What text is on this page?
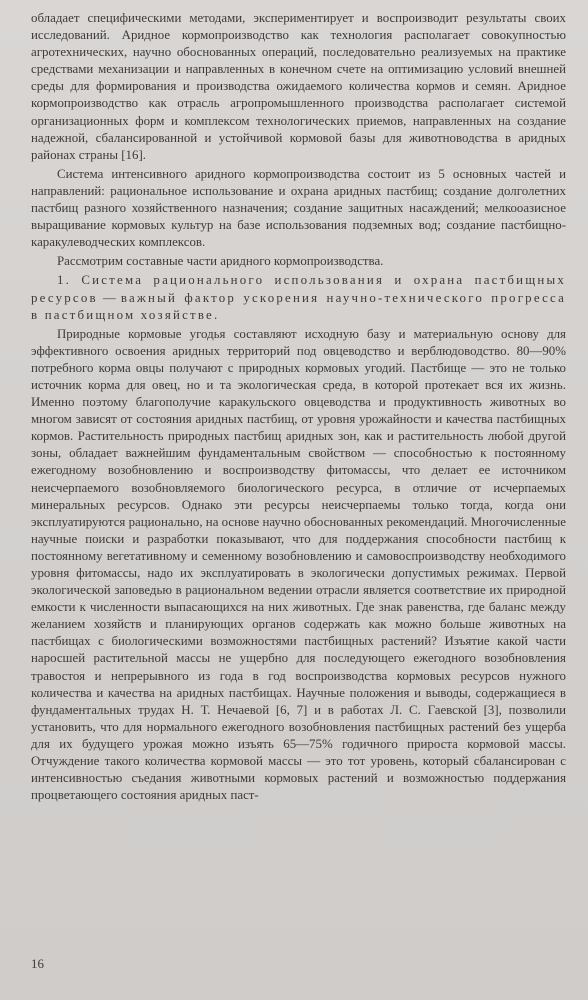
обладает специфическими методами, экспериментирует и воспроизводит результаты своих исследований. Аридное кормопроизводство как технология располагает совокупностью агротехнических, научно обоснованных операций, последовательно реализуемых на практике средствами механизации и направленных в конечном счете на оптимизацию условий внешней среды для формирования и производства ожидаемого количества кормов и семян. Аридное кормопроизводство как отрасль агропромышленного производства располагает системой организационных форм и комплексом технологических приемов, направленных на создание надежной, сбалансированной и устойчивой кормовой базы для животноводства в аридных районах страны [16].

Система интенсивного аридного кормопроизводства состоит из 5 основных частей и направлений: рациональное использование и охрана аридных пастбищ; создание долголетних пастбищ разного хозяйственного назначения; создание защитных насаждений; мелкооазисное выращивание кормовых культур на базе использования подземных вод; создание пастбищно-каракулеводческих комплексов.

Рассмотрим составные части аридного кормопроизводства.

1. Система рационального использования и охрана пастбищных ресурсов — важный фактор ускорения научно-технического прогресса в пастбищном хозяйстве.

Природные кормовые угодья составляют исходную базу и материальную основу для эффективного освоения аридных территорий под овцеводство и верблюдоводство. 80—90% потребного корма овцы получают с природных кормовых угодий. Пастбище — это не только источник корма для овец, но и та экологическая среда, в которой протекает вся их жизнь. Именно поэтому благополучие каракульского овцеводства и продуктивность животных во многом зависят от состояния аридных пастбищ, от уровня урожайности и качества пастбищных кормов. Растительность природных пастбищ аридных зон, как и растительность любой другой зоны, обладает важнейшим фундаментальным свойством — способностью к постоянному ежегодному возобновлению и воспроизводству фитомассы, что делает ее источником неисчерпаемого возобновляемого биологического ресурса, в отличие от исчерпаемых минеральных ресурсов. Однако эти ресурсы неисчерпаемы только тогда, когда они эксплуатируются рационально, на основе научно обоснованных рекомендаций. Многочисленные научные поиски и разработки показывают, что для поддержания способности пастбищ к постоянному вегетативному и семенному возобновлению и самовоспроизводству необходимого уровня фитомассы, надо их эксплуатировать в экологически допустимых режимах. Первой экологической заповедью в рациональном ведении отрасли является соответствие их природной емкости к численности выпасающихся на них животных. Где знак равенства, где баланс между желанием хозяйств и планирующих органов содержать как можно больше животных на пастбищах с биологическими возможностями пастбищных растений? Изъятие какой части наросшей растительной массы не ущербно для последующего ежегодного возобновления травостоя и непрерывного из года в год воспроизводства кормовых ресурсов нужного количества и качества на аридных пастбищах. Научные положения и выводы, содержащиеся в фундаментальных трудах Н. Т. Нечаевой [6, 7] и в работах Л. С. Гаевской [3], позволили установить, что для нормального ежегодного возобновления пастбищных растений без ущерба для их будущего урожая можно изъять 65—75% годичного прироста кормовой массы. Отчуждение такого количества кормовой массы — это тот уровень, который сбалансирован с интенсивностью съедания животными кормовых растений и возможностью поддержания процветающего состояния аридных паст-

16
